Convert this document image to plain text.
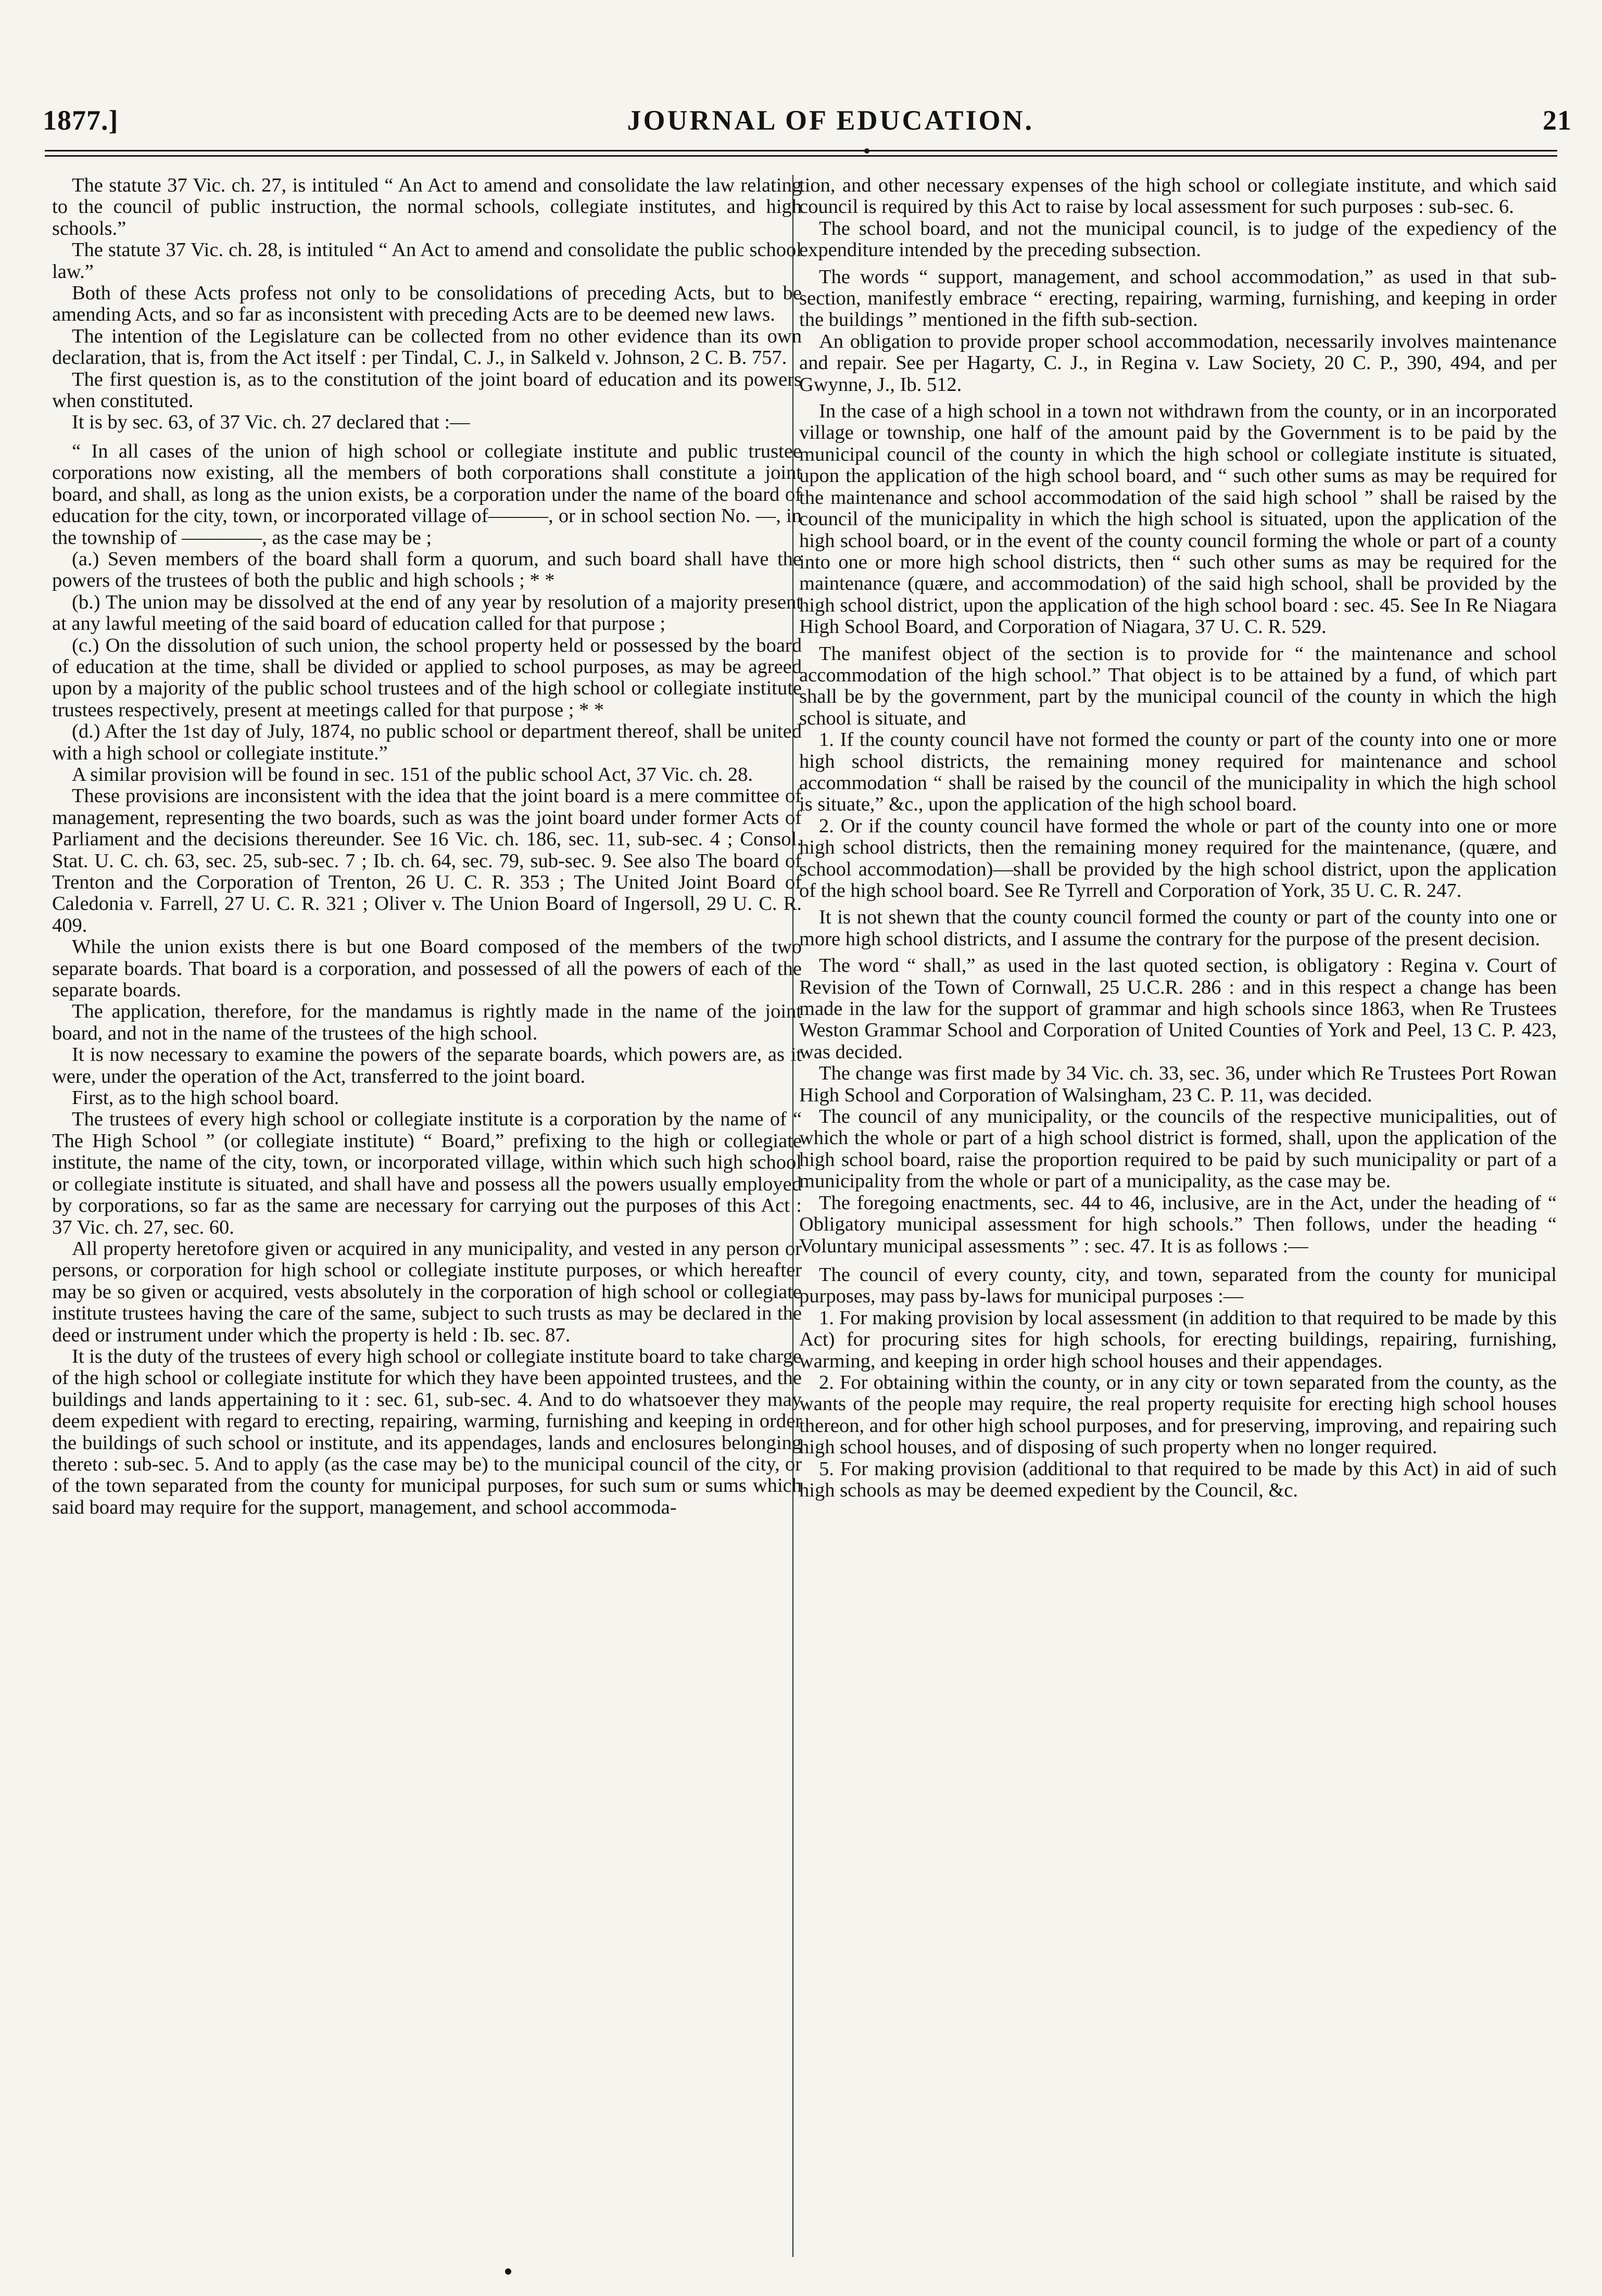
1877.]	JOURNAL OF EDUCATION.	21

The statute 37 Vic. ch. 27, is intituled “ An Act to amend and consolidate the law relating to the council of public instruction, the normal schools, collegiate institutes, and high schools.”

The statute 37 Vic. ch. 28, is intituled “ An Act to amend and consolidate the public school law.”

Both of these Acts profess not only to be consolidations of preceding Acts, but to be amending Acts, and so far as inconsistent with preceding Acts are to be deemed new laws.

The intention of the Legislature can be collected from no other evidence than its own declaration, that is, from the Act itself : per Tindal, C. J., in Salkeld v. Johnson, 2 C. B. 757.

The first question is, as to the constitution of the joint board of education and its powers when constituted.

It is by sec. 63, of 37 Vic. ch. 27 declared that :—

“ In all cases of the union of high school or collegiate institute and public trustee corporations now existing, all the members of both corporations shall constitute a joint board, and shall, as long as the union exists, be a corporation under the name of the board of education for the city, town, or incorporated village of———, or in school section No. —, in the township of ————, as the case may be ;

(a.) Seven members of the board shall form a quorum, and such board shall have the powers of the trustees of both the public and high schools ; * *

(b.) The union may be dissolved at the end of any year by resolution of a majority present at any lawful meeting of the said board of education called for that purpose ;

(c.) On the dissolution of such union, the school property held or possessed by the board of education at the time, shall be divided or applied to school purposes, as may be agreed upon by a majority of the public school trustees and of the high school or collegiate institute trustees respectively, present at meetings called for that purpose ; * *

(d.) After the 1st day of July, 1874, no public school or department thereof, shall be united with a high school or collegiate institute.”

A similar provision will be found in sec. 151 of the public school Act, 37 Vic. ch. 28.

These provisions are inconsistent with the idea that the joint board is a mere committee of management, representing the two boards, such as was the joint board under former Acts of Parliament and the decisions thereunder. See 16 Vic. ch. 186, sec. 11, sub-sec. 4 ; Consol. Stat. U. C. ch. 63, sec. 25, sub-sec. 7 ; Ib. ch. 64, sec. 79, sub-sec. 9. See also The board of Trenton and the Corporation of Trenton, 26 U. C. R. 353 ; The United Joint Board of Caledonia v. Farrell, 27 U. C. R. 321 ; Oliver v. The Union Board of Ingersoll, 29 U. C. R. 409.

While the union exists there is but one Board composed of the members of the two separate boards. That board is a corporation, and possessed of all the powers of each of the separate boards.

The application, therefore, for the mandamus is rightly made in the name of the joint board, and not in the name of the trustees of the high school.

It is now necessary to examine the powers of the separate boards, which powers are, as it were, under the operation of the Act, transferred to the joint board.

First, as to the high school board.

The trustees of every high school or collegiate institute is a corporation by the name of “ The High School ” (or collegiate institute) “ Board,” prefixing to the high or collegiate institute, the name of the city, town, or incorporated village, within which such high school or collegiate institute is situated, and shall have and possess all the powers usually employed by corporations, so far as the same are necessary for carrying out the purposes of this Act : 37 Vic. ch. 27, sec. 60.

All property heretofore given or acquired in any municipality, and vested in any person or persons, or corporation for high school or collegiate institute purposes, or which hereafter may be so given or acquired, vests absolutely in the corporation of high school or collegiate institute trustees having the care of the same, subject to such trusts as may be declared in the deed or instrument under which the property is held : Ib. sec. 87.

It is the duty of the trustees of every high school or collegiate institute board to take charge of the high school or collegiate institute for which they have been appointed trustees, and the buildings and lands appertaining to it : sec. 61, sub-sec. 4. And to do whatsoever they may deem expedient with regard to erecting, repairing, warming, furnishing and keeping in order the buildings of such school or institute, and its appendages, lands and enclosures belonging thereto : sub-sec. 5. And to apply (as the case may be) to the municipal council of the city, or of the town separated from the county for municipal purposes, for such sum or sums which said board may require for the support, management, and school accommoda-

tion, and other necessary expenses of the high school or collegiate institute, and which said council is required by this Act to raise by local assessment for such purposes : sub-sec. 6.

The school board, and not the municipal council, is to judge of the expediency of the expenditure intended by the preceding subsection.

The words “ support, management, and school accommodation,” as used in that sub-section, manifestly embrace “ erecting, repairing, warming, furnishing, and keeping in order the buildings ” mentioned in the fifth sub-section.

An obligation to provide proper school accommodation, necessarily involves maintenance and repair. See per Hagarty, C. J., in Regina v. Law Society, 20 C. P., 390, 494, and per Gwynne, J., Ib. 512.

In the case of a high school in a town not withdrawn from the county, or in an incorporated village or township, one half of the amount paid by the Government is to be paid by the municipal council of the county in which the high school or collegiate institute is situated, upon the application of the high school board, and “ such other sums as may be required for the maintenance and school accommodation of the said high school ” shall be raised by the council of the municipality in which the high school is situated, upon the application of the high school board, or in the event of the county council forming the whole or part of a county into one or more high school districts, then “ such other sums as may be required for the maintenance (quære, and accommodation) of the said high school, shall be provided by the high school district, upon the application of the high school board : sec. 45. See In Re Niagara High School Board, and Corporation of Niagara, 37 U. C. R. 529.

The manifest object of the section is to provide for “ the maintenance and school accommodation of the high school.” That object is to be attained by a fund, of which part shall be by the government, part by the municipal council of the county in which the high school is situate, and

1. If the county council have not formed the county or part of the county into one or more high school districts, the remaining money required for maintenance and school accommodation “ shall be raised by the council of the municipality in which the high school is situate,” &c., upon the application of the high school board.

2. Or if the county council have formed the whole or part of the county into one or more high school districts, then the remaining money required for the maintenance, (quære, and school accommodation)—shall be provided by the high school district, upon the application of the high school board. See Re Tyrrell and Corporation of York, 35 U. C. R. 247.

It is not shewn that the county council formed the county or part of the county into one or more high school districts, and I assume the contrary for the purpose of the present decision.

The word “ shall,” as used in the last quoted section, is obligatory : Regina v. Court of Revision of the Town of Cornwall, 25 U.C.R. 286 : and in this respect a change has been made in the law for the support of grammar and high schools since 1863, when Re Trustees Weston Grammar School and Corporation of United Counties of York and Peel, 13 C. P. 423, was decided.

The change was first made by 34 Vic. ch. 33, sec. 36, under which Re Trustees Port Rowan High School and Corporation of Walsingham, 23 C. P. 11, was decided.

The council of any municipality, or the councils of the respective municipalities, out of which the whole or part of a high school district is formed, shall, upon the application of the high school board, raise the proportion required to be paid by such municipality or part of a municipality from the whole or part of a municipality, as the case may be.

The foregoing enactments, sec. 44 to 46, inclusive, are in the Act, under the heading of “ Obligatory municipal assessment for high schools.” Then follows, under the heading “ Voluntary municipal assessments ” : sec. 47. It is as follows :—

The council of every county, city, and town, separated from the county for municipal purposes, may pass by-laws for municipal purposes :—

1. For making provision by local assessment (in addition to that required to be made by this Act) for procuring sites for high schools, for erecting buildings, repairing, furnishing, warming, and keeping in order high school houses and their appendages.

2. For obtaining within the county, or in any city or town separated from the county, as the wants of the people may require, the real property requisite for erecting high school houses thereon, and for other high school purposes, and for preserving, improving, and repairing such high school houses, and of disposing of such property when no longer required.

5. For making provision (additional to that required to be made by this Act) in aid of such high schools as may be deemed expedient by the Council, &c.
